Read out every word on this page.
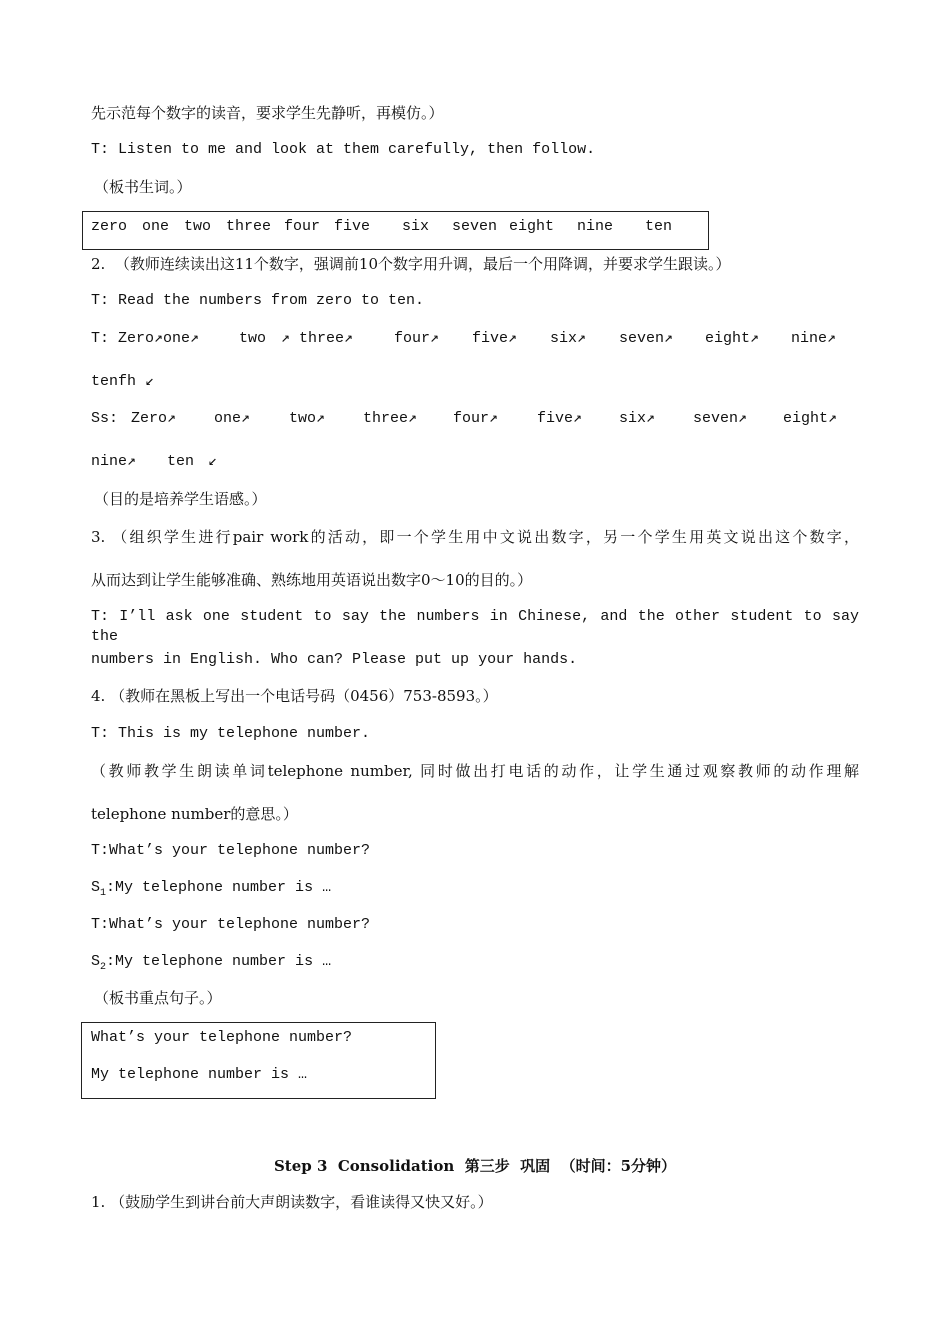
先示范每个数字的读音，要求学生先静听，再模仿。）
T: Listen to me and look at them carefully, then follow.
（板书生词。）
zero one two three four five six seven eight nine ten
2.  （教师连续读出这11个数字，强调前10个数字用升调，最后一个用降调，并要求学生跟读。）
T: Read the numbers from zero to ten.
T: Zero↗one↗	two ↗ three↗	four↗ five↗ six↗ seven↗ eight↗ nine↗
tenfh ↙
Ss: Zero↗	one↗	two↗	three↗ four↗	five↗ six↗	seven↗ eight↗
nine↗ ten ↙
（目的是培养学生语感。）
3. （组织学生进行pair work的活动，即一个学生用中文说出数字，另一个学生用英文说出这个数字，
从而达到让学生能够准确、熟练地用英语说出数字0～10的目的。）
T: I’ll ask one student to say the numbers in Chinese, and the other student to say the
numbers in English. Who can? Please put up your hands.
4. （教师在黑板上写出一个电话号码（0456）753-8593。）
T: This is my telephone number.
（教师教学生朗读单词telephone number, 同时做出打电话的动作，让学生通过观察教师的动作理解
telephone number的意思。）
T:What’s your telephone number?
$S_1:My$ telephone number is …
T:What’s your telephone number?
$S_2:My$ telephone number is …
（板书重点句子。）
What’s your telephone number?
My telephone number is …
Step 3  Consolidation  第三步  巩固  （时间：5分钟）
1. （鼓励学生到讲台前大声朗读数字，看谁读得又快又好。）
